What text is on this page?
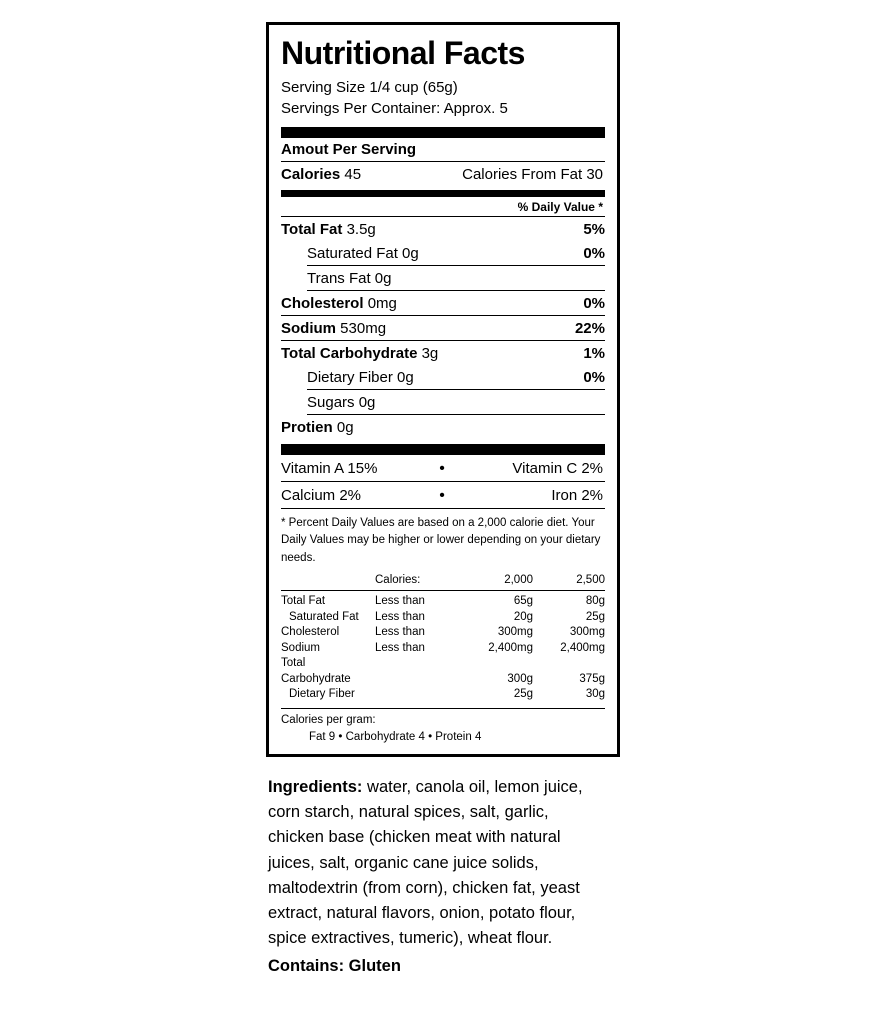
Nutritional Facts
Serving Size 1/4 cup (65g)
Servings Per Container: Approx. 5
Amout Per Serving
Calories 45	Calories From Fat 30
% Daily Value *
Total Fat 3.5g	5%
Saturated Fat 0g	0%
Trans Fat 0g
Cholesterol 0mg	0%
Sodium 530mg	22%
Total Carbohydrate 3g	1%
Dietary Fiber 0g	0%
Sugars 0g
Protien 0g
Vitamin A 15%	•	Vitamin C 2%
Calcium 2%	•	Iron 2%
* Percent Daily Values are based on a 2,000 calorie diet. Your Daily Values may be higher or lower depending on your dietary needs.
	Calories:	2,000	2,500
Total Fat	Less than	65g	80g
Saturated Fat	Less than	20g	25g
Cholesterol	Less than	300mg	300mg
Sodium	Less than	2,400mg	2,400mg
Total Carbohydrate		300g	375g
Dietary Fiber		25g	30g
Calories per gram:
Fat 9 • Carbohydrate 4 • Protein 4
Ingredients: water, canola oil, lemon juice, corn starch, natural spices, salt, garlic, chicken base (chicken meat with natural juices, salt, organic cane juice solids, maltodextrin (from corn), chicken fat, yeast extract, natural flavors, onion, potato flour, spice extractives, tumeric), wheat flour.
Contains: Gluten
